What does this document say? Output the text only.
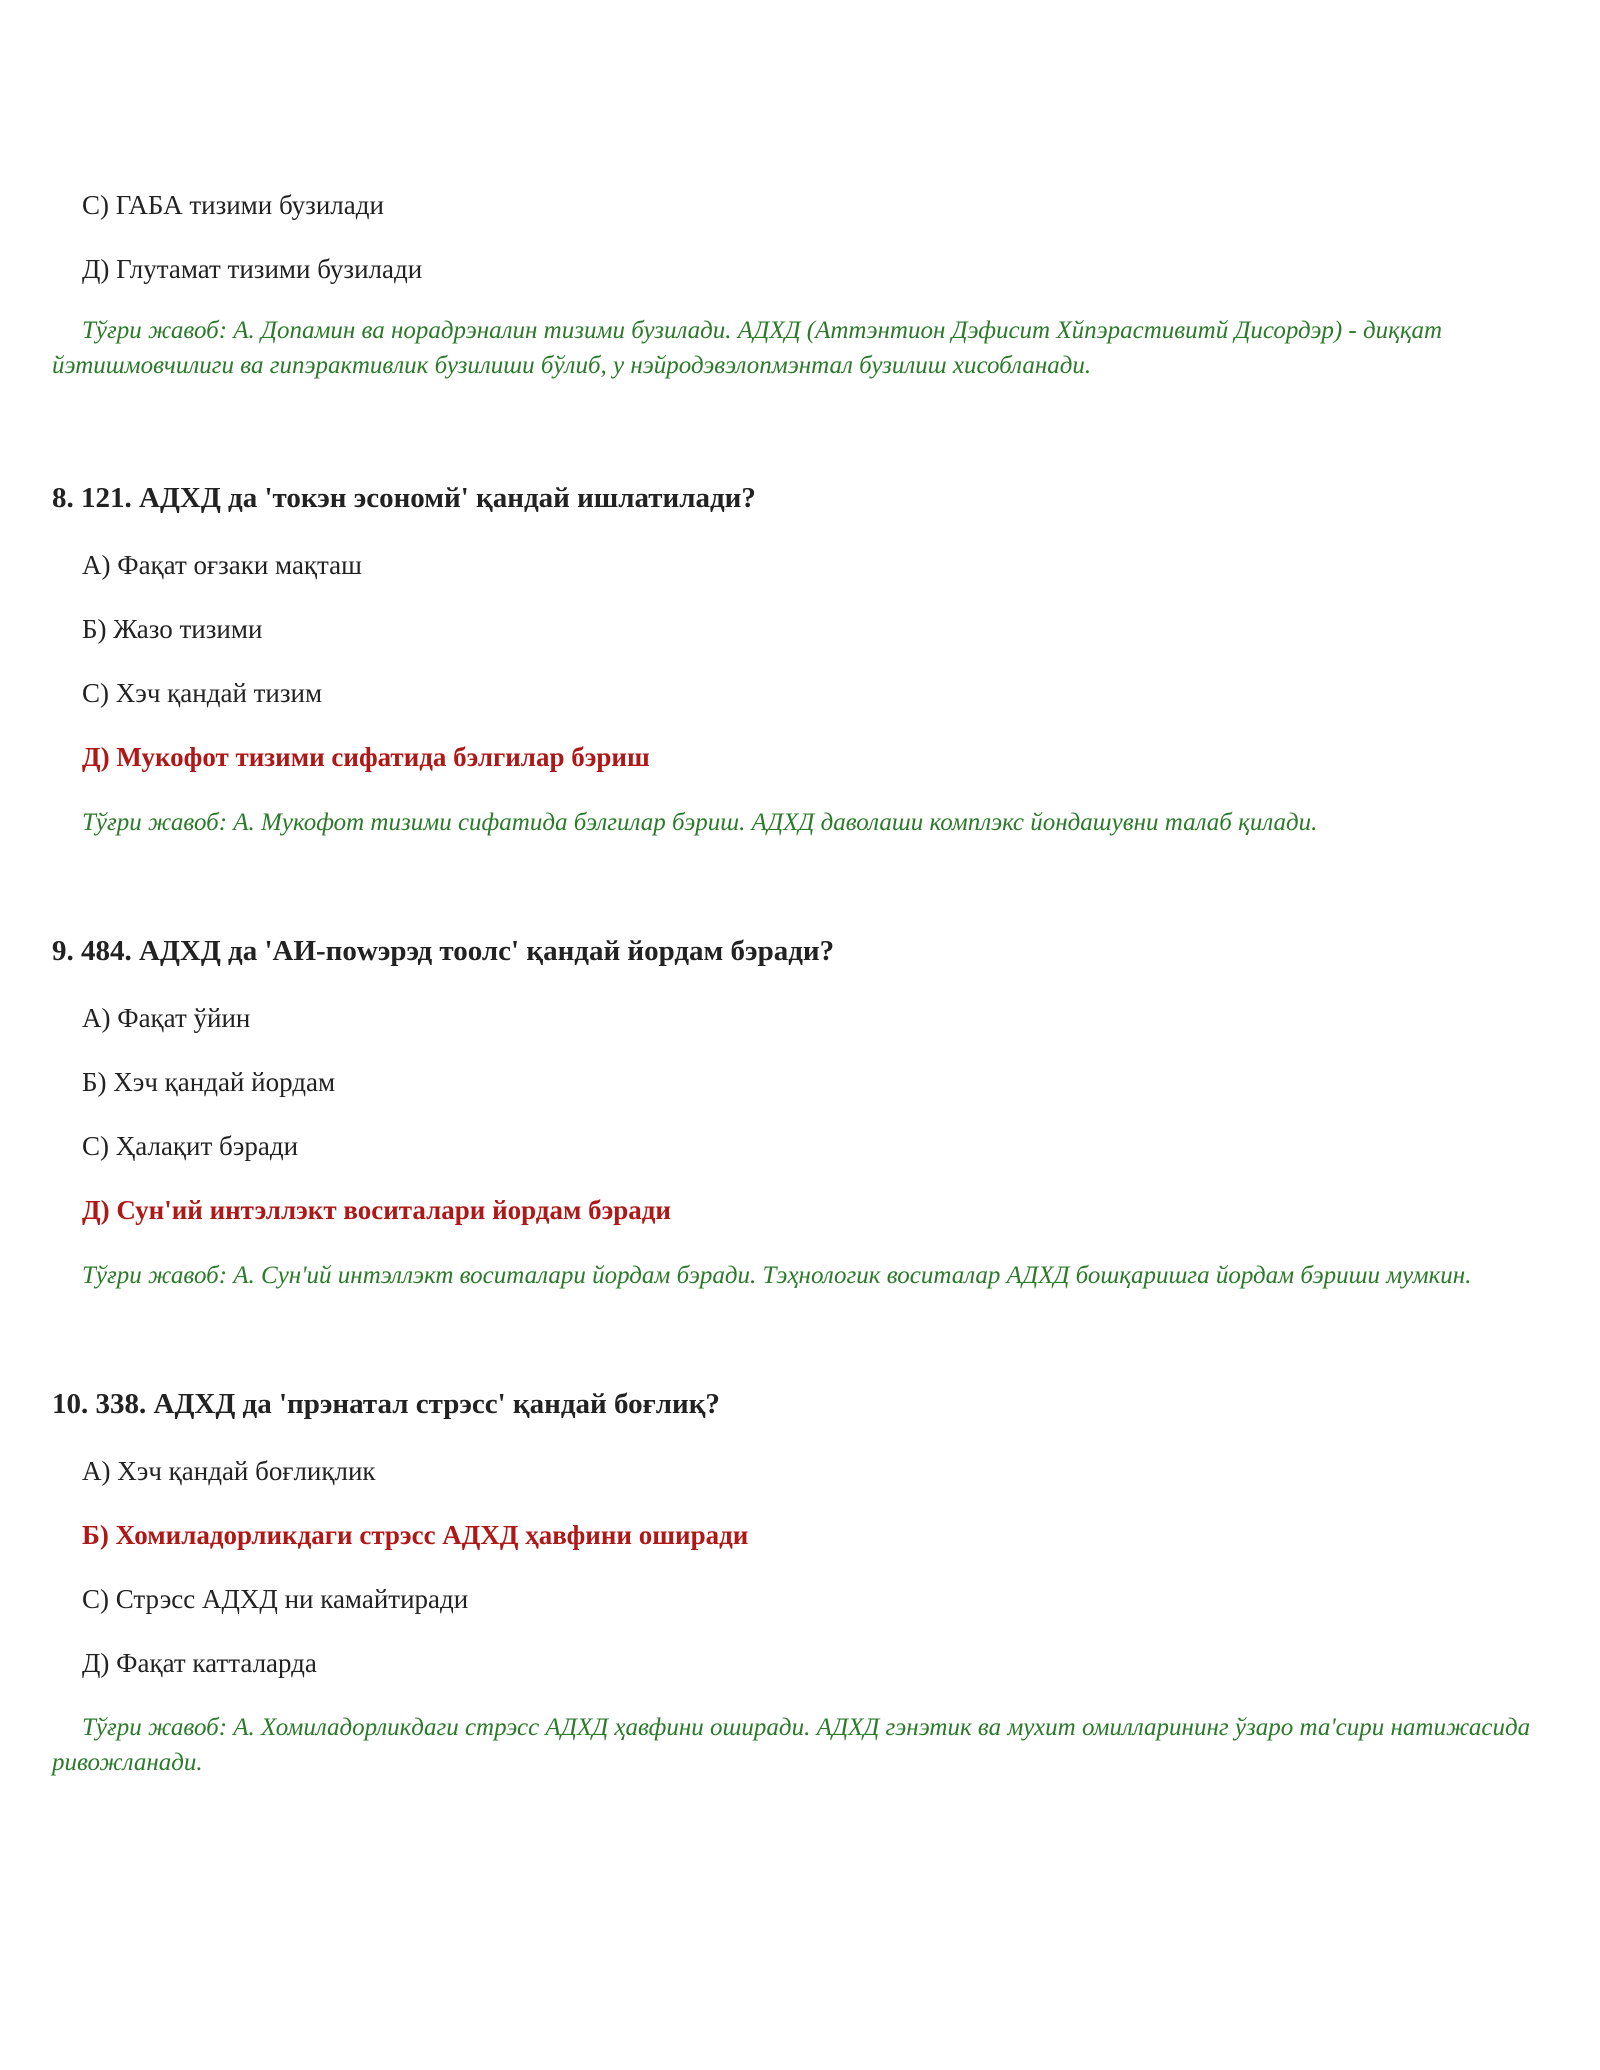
С) ГАБА тизими бузилади
Д) Глутамат тизими бузилади
Тўғри жавоб: A. Допамин ва норадрэналин тизими бузилади. АДХД (Аттэнтион Дэфисит Хйпэрастивитй Дисордэр) - диққат йэтишмовчилиги ва гипэрактивлик бузилиши бўлиб, у нэйродэвэлопмэнтал бузилиш хисобланади.
8. 121. АДХД да 'токэн эсономй' қандай ишлатилади?
А) Фақат оғзаки мақташ
Б) Жазо тизими
С) Хэч қандай тизим
Д) Мукофот тизими сифатида бэлгилар бэриш
Тўғри жавоб: A. Мукофот тизими сифатида бэлгилар бэриш. АДХД даволаши комплэкс йондашувни талаб қилади.
9. 484. АДХД да 'АИ-поwэрэд тоолс' қандай йордам бэради?
А) Фақат ўйин
Б) Хэч қандай йордам
С) Ҳалақит бэради
Д) Сун'ий интэллэкт воситалари йордам бэради
Тўғри жавоб: A. Сун'ий интэллэкт воситалари йордам бэради. Тэҳнологик воситалар АДХД бошқаришга йордам бэриши мумкин.
10. 338. АДХД да 'прэнатал стрэсс' қандай боғлиқ?
А) Хэч қандай боғлиқлик
Б) Хомиладорликдаги стрэсс АДХД ҳавфини оширади
С) Стрэсс АДХД ни камайтиради
Д) Фақат катталарда
Тўғри жавоб: A. Хомиладорликдаги стрэсс АДХД ҳавфини оширади. АДХД гэнэтик ва мухит омилларининг ўзаро та'сири натижасида ривожланади.
